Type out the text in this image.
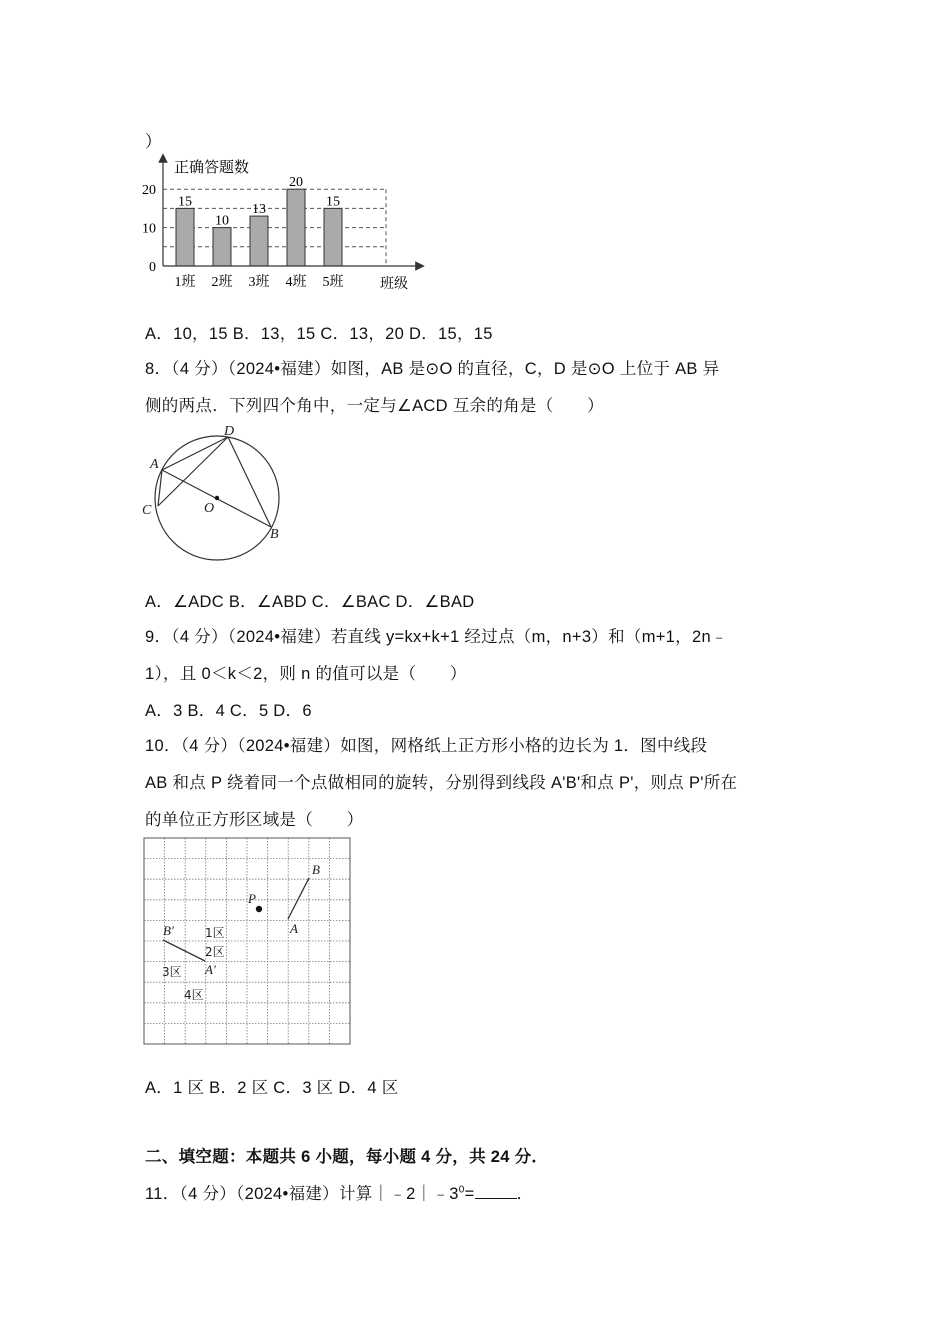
）
15
10
13
20
15
正确答题数
班级
0
10
20
1班 2班 3班 4班 5班
A．10，15 B．13，15 C．13，20 D．15，15
8．（4 分）（2024•福建）如图，AB 是⊙O 的直径，C，D 是⊙O 上位于 AB 异
侧的两点．下列四个角中，一定与∠ACD 互余的角是（　　）
A
D
C	O
B
A．∠ADC B．∠ABD C．∠BAC D．∠BAD
9．（4 分）（2024•福建）若直线 y=kx+k+1 经过点（m，n+3）和（m+1，2n﹣
1），且 0＜k＜2，则 n 的值可以是（　　）
A．3 B．4 C．5 D．6
10．（4 分）（2024•福建）如图，网格纸上正方形小格的边长为 1．图中线段
AB 和点 P 绕着同一个点做相同的旋转，分别得到线段 A'B'和点 P'，则点 P'所在
的单位正方形区域是（　　）
B
A
P
B′
A′
1区
2区
3区
4区
A．1 区 B．2 区 C．3 区 D．4 区
二、填空题：本题共 6 小题，每小题 4 分，共 24 分．
11．（4 分）（2024•福建）计算$|﹣2|﹣3^0=$	．
